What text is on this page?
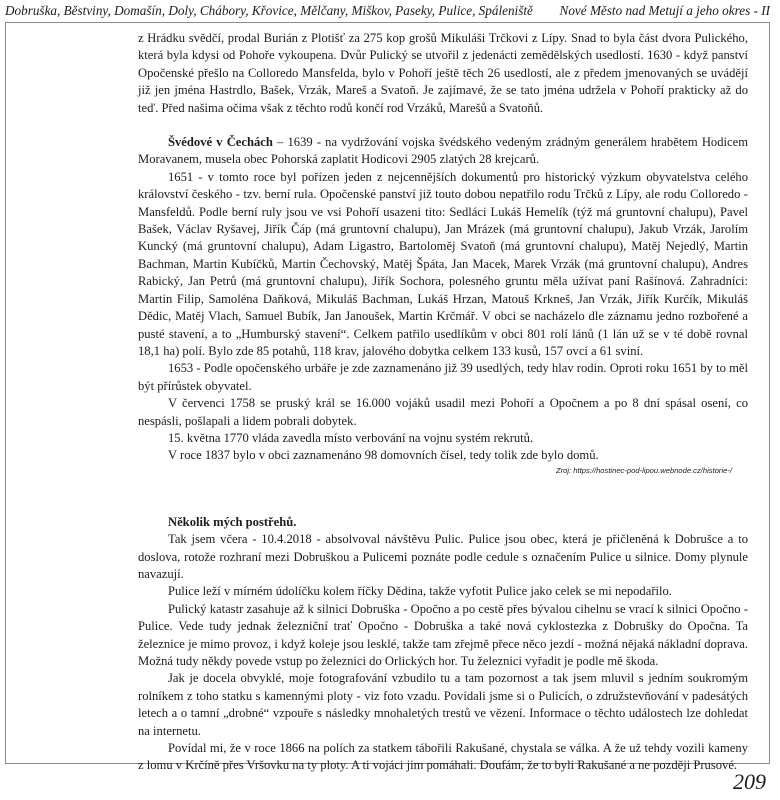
Dobruška, Běstviny, Domašín, Doly, Chábory, Křovice, Mělčany, Miškov, Paseky, Pulice, Spáleniště Nové Město nad Metují a jeho okres - II

z Hrádku svědčí, prodal Burián z Plotišť za 275 kop grošů Mikuláši Trčkovi z Lípy. Snad to byla část dvora Pulického, která byla kdysi od Pohoře vykoupena. Dvůr Pulický se utvořil z jedenácti zemědělských usedlostí. 1630 - když panství Opočenské přešlo na Colloredo Mansfelda, bylo v Pohoří ještě těch 26 usedlostí, ale z předem jmenovaných se uvádějí již jen jména Hastrdlo, Bašek, Vrzák, Mareš a Svatoň. Je zajímavé, že se tato jména udržela v Pohoří prakticky až do teď. Před našima očima však z těchto rodů končí rod Vrzáků, Marešů a Svatoňů.

Švédové v Čechách – 1639 - na vydržování vojska švédského vedeným zrádným generálem hrabětem Hodicem Moravanem, musela obec Pohorská zaplatit Hodicovi 2905 zlatých 28 krejcarů.

1651 - v tomto roce byl pořízen jeden z nejcennějších dokumentů pro historický výzkum obyvatelstva celého království českého - tzv. berní rula. Opočenské panství již touto dobou nepatřilo rodu Trčků z Lípy, ale rodu Colloredo - Mansfeldů. Podle berní ruly jsou ve vsi Pohoří usazeni tito: Sedláci Lukáš Hemelík (týž má gruntovní chalupu), Pavel Bašek, Václav Ryšavej, Jiřík Čáp (má gruntovní chalupu), Jan Mrázek (má gruntovní chalupu), Jakub Vrzák, Jarolím Kuncký (má gruntovní chalupu), Adam Ligastro, Bartoloměj Svatoň (má gruntovní chalupu), Matěj Nejedlý, Martin Bachman, Martin Kubíčků, Martin Čechovský, Matěj Špáta, Jan Macek, Marek Vrzák (má gruntovní chalupu), Andres Rabický, Jan Petrů (má gruntovní chalupu), Jiřík Sochora, polesného gruntu měla užívat paní Rašínová. Zahradníci: Martin Filip, Samoléna Daňková, Mikuláš Bachman, Lukáš Hrzan, Matouš Krkneš, Jan Vrzák, Jiřík Kurčík, Mikuláš Dědic, Matěj Vlach, Samuel Bubík, Jan Janoušek, Martin Krčmář. V obci se nacházelo dle záznamu jedno rozbořené a pusté stavení, a to „Humburský stavení“. Celkem patřilo usedlíkům v obci 801 rolí lánů (1 lán už se v té době rovnal 18,1 ha) polí. Bylo zde 85 potahů, 118 krav, jalového dobytka celkem 133 kusů, 157 ovcí a 61 sviní.

1653 - Podle opočenského urbáře je zde zaznamenáno již 39 usedlých, tedy hlav rodin. Oproti roku 1651 by to měl být přírůstek obyvatel.

V červenci 1758 se pruský král se 16.000 vojáků usadil mezi Pohoří a Opočnem a po 8 dní spásal osení, co nespásli, pošlapali a lidem pobrali dobytek.

15. května 1770 vláda zavedla místo verbování na vojnu systém rekrutů.

V roce 1837 bylo v obci zaznamenáno 98 domovních čísel, tedy tolik zde bylo domů.

Zroj: https://hostinec-pod-lipou.webnode.cz/historie-/

Několik mých postřehů.

Tak jsem včera - 10.4.2018 - absolvoval návštěvu Pulic. Pulice jsou obec, která je přičleněná k Dobrušce a to doslova, rotože rozhraní mezi Dobruškou a Pulicemi poznáte podle cedule s označením Pulice u silnice. Domy plynule navazují.

Pulice leží v mírném údolíčku kolem říčky Dědina, takže vyfotit Pulice jako celek se mi nepodařilo.

Pulický katastr zasahuje až k silnici Dobruška - Opočno a po cestě přes bývalou cihelnu se vrací k silnici Opočno - Pulice. Vede tudy jednak železniční trať Opočno - Dobruška a také nová cyklostezka z Dobrušky do Opočna. Ta železnice je mimo provoz, i když koleje jsou lesklé, takže tam zřejmě přece něco jezdí - možná nějaká nákladní doprava. Možná tudy někdy povede vstup po železnici do Orlických hor. Tu železnici vyřadit je podle mě škoda.

Jak je docela obvyklé, moje fotografování vzbudilo tu a tam pozornost a tak jsem mluvil s jedním soukromým rolníkem z toho statku s kamennými ploty - viz foto vzadu. Povídali jsme si o Pulicích, o združstevňování v padesátých letech a o tamní „drobné“ vzpouře s následky mnohaletých trestů ve vězení. Informace o těchto událostech lze dohledat na internetu.

Povídal mi, že v roce 1866 na polích za statkem tábořili Rakušané, chystala se válka. A že už tehdy vozili kameny z lomu v Krčíně přes Vršovku na ty ploty. A ti vojáci jim pomáhali. Doufám, že to byli Rakušané a ne později Prusové.

209
